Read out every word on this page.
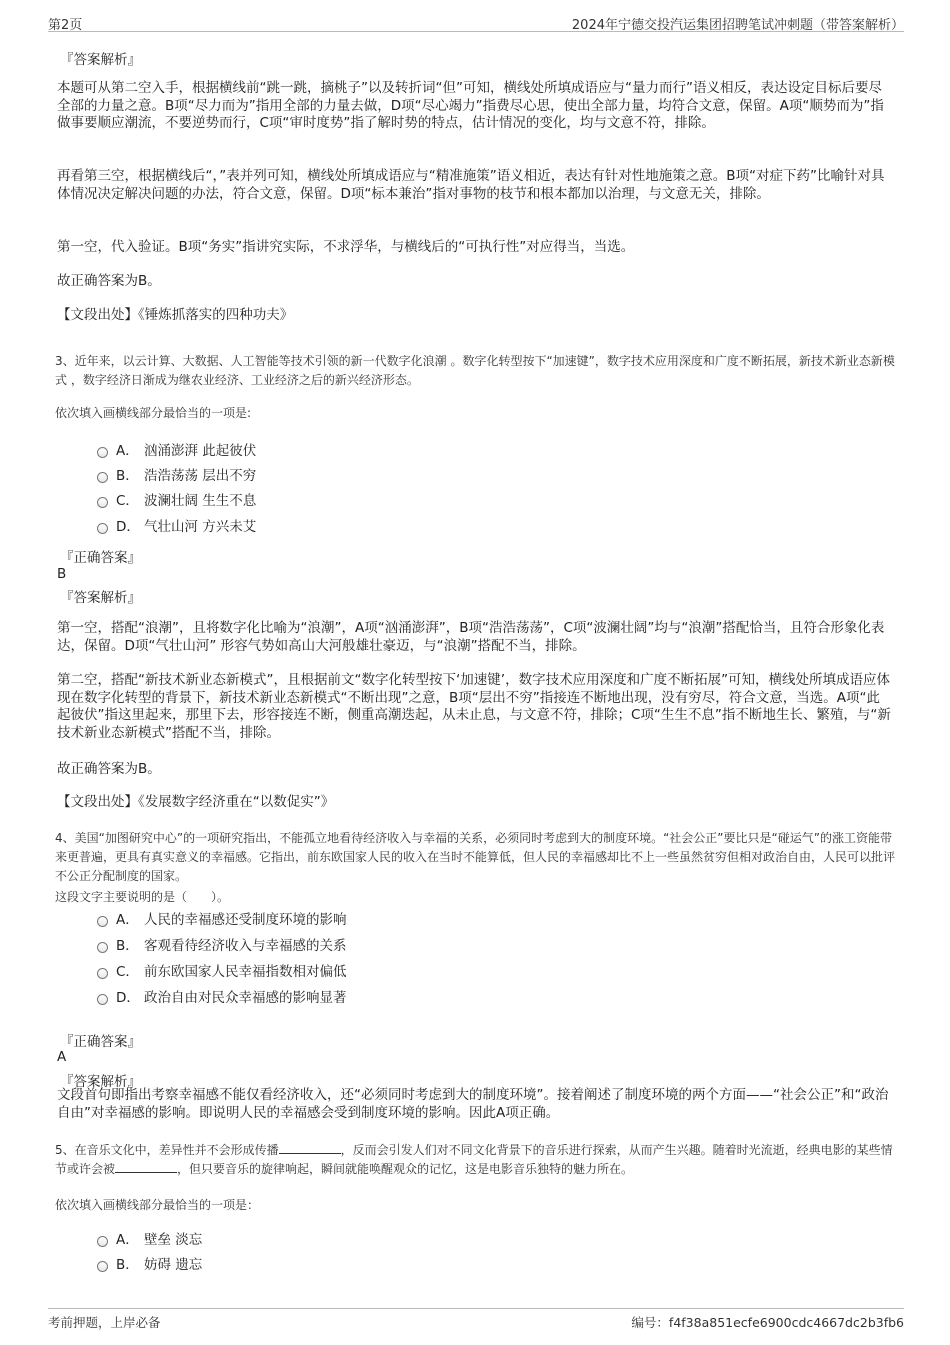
第2页	2024年宁德交投汽运集团招聘笔试冲刺题（带答案解析）
『答案解析』

本题可从第二空入手，根据横线前“跳一跳，摘桃子”以及转折词“但”可知，横线处所填成语应与“量力而行”语义相反，表达设定目标后要尽全部的力量之意。B项“尽力而为”指用全部的力量去做，D项“尽心竭力”指费尽心思，使出全部力量，均符合文意，保留。A项“顺势而为”指做事要顺应潮流，不要逆势而行，C项“审时度势”指了解时势的特点，估计情况的变化，均与文意不符，排除。

再看第三空，根据横线后“，”表并列可知，横线处所填成语应与“精准施策”语义相近，表达有针对性地施策之意。B项“对症下药”比喻针对具体情况决定解决问题的办法，符合文意，保留。D项“标本兼治”指对事物的枝节和根本都加以治理，与文意无关，排除。

第一空，代入验证。B项“务实”指讲究实际，不求浮华，与横线后的“可执行性”对应得当，当选。

故正确答案为B。

【文段出处】《锤炼抓落实的四种功夫》

3、近年来，以云计算、大数据、人工智能等技术引领的新一代数字化浪潮 。数字化转型按下“加速键”，数字技术应用深度和广度不断拓展，新技术新业态新模式 ，数字经济日渐成为继农业经济、工业经济之后的新兴经济形态。

依次填入画横线部分最恰当的一项是:

A． 汹涌澎湃 此起彼伏
B． 浩浩荡荡 层出不穷
C． 波澜壮阔 生生不息
D． 气壮山河 方兴未艾
『正确答案』
B
『答案解析』

第一空，搭配“浪潮”，且将数字化比喻为“浪潮”，A项“汹涌澎湃”，B项“浩浩荡荡”，C项“波澜壮阔”均与“浪潮”搭配恰当，且符合形象化表达，保留。D项“气壮山河” 形容气势如高山大河般雄壮豪迈，与“浪潮”搭配不当，排除。

第二空，搭配“新技术新业态新模式”，且根据前文“数字化转型按下‘加速键’，数字技术应用深度和广度不断拓展”可知，横线处所填成语应体现在数字化转型的背景下，新技术新业态新模式“不断出现”之意，B项“层出不穷”指接连不断地出现，没有穷尽，符合文意，当选。A项“此起彼伏”指这里起来，那里下去，形容接连不断，侧重高潮迭起，从未止息，与文意不符，排除；C项“生生不息”指不断地生长、繁殖，与“新技术新业态新模式”搭配不当，排除。

故正确答案为B。

【文段出处】《发展数字经济重在“以数促实”》

4、美国“加图研究中心”的一项研究指出，不能孤立地看待经济收入与幸福的关系，必须同时考虑到大的制度环境。“社会公正”要比只是“碰运气”的涨工资能带来更普遍，更具有真实意义的幸福感。它指出，前东欧国家人民的收入在当时不能算低，但人民的幸福感却比不上一些虽然贫穷但相对政治自由，人民可以批评不公正分配制度的国家。

这段文字主要说明的是（　　）。

A． 人民的幸福感还受制度环境的影响
B． 客观看待经济收入与幸福感的关系
C． 前东欧国家人民幸福指数相对偏低
D． 政治自由对民众幸福感的影响显著
『正确答案』
A
『答案解析』

文段首句即指出考察幸福感不能仅看经济收入，还“必须同时考虑到大的制度环境”。接着阐述了制度环境的两个方面——“社会公正”和“政治自由”对幸福感的影响。即说明人民的幸福感会受到制度环境的影响。因此A项正确。

5、在音乐文化中，差异性并不会形成传播	，反而会引发人们对不同文化背景下的音乐进行探索，从而产生兴趣。随着时光流逝，经典电影的某些情节或许会被	，但只要音乐的旋律响起，瞬间就能唤醒观众的记忆，这是电影音乐独特的魅力所在。

依次填入画横线部分最恰当的一项是：

A． 壁垒 淡忘
B． 妨碍 遗忘
考前押题，上岸必备	编号：f4f38a851ecfe6900cdc4667dc2b3fb6
